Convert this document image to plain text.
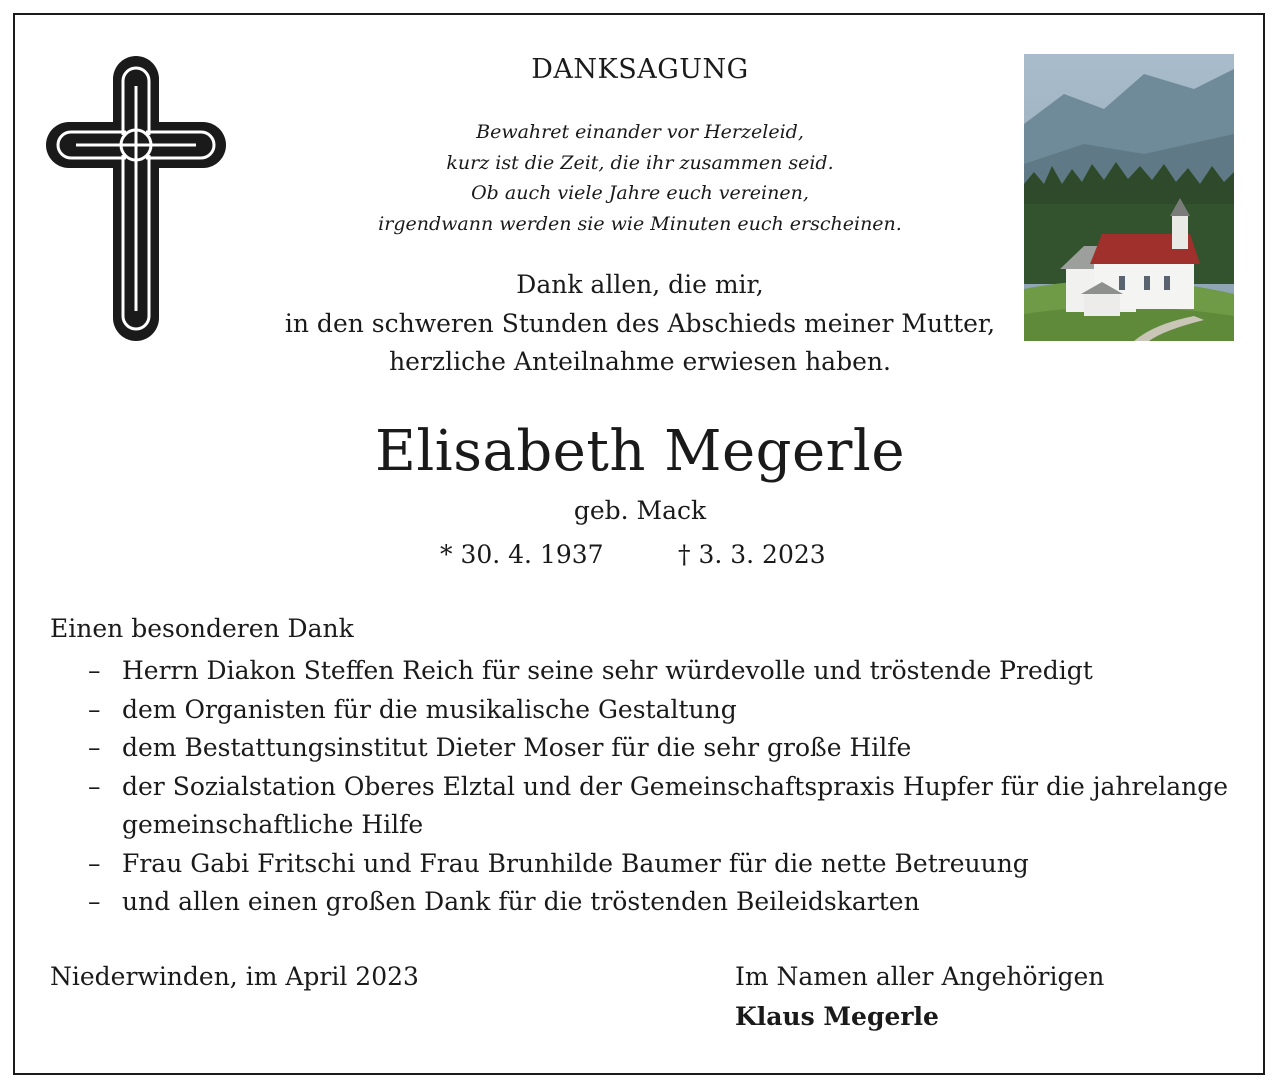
DANKSAGUNG
Bewahret einander vor Herzeleid,
kurz ist die Zeit, die ihr zusammen seid.
Ob auch viele Jahre euch vereinen,
irgendwann werden sie wie Minuten euch erscheinen.
Dank allen, die mir,
in den schweren Stunden des Abschieds meiner Mutter,
herzliche Anteilnahme erwiesen haben.
Elisabeth Megerle
geb. Mack
* 30. 4. 1937	† 3. 3. 2023
Einen besonderen Dank
– Herrn Diakon Steffen Reich für seine sehr würdevolle und tröstende Predigt
– dem Organisten für die musikalische Gestaltung
– dem Bestattungsinstitut Dieter Moser für die sehr große Hilfe
– der Sozialstation Oberes Elztal und der Gemeinschaftspraxis Hupfer für die jahrelange gemeinschaftliche Hilfe
– Frau Gabi Fritschi und Frau Brunhilde Baumer für die nette Betreuung
– und allen einen großen Dank für die tröstenden Beileidskarten
Niederwinden, im April 2023	Im Namen aller Angehörigen
Klaus Megerle
